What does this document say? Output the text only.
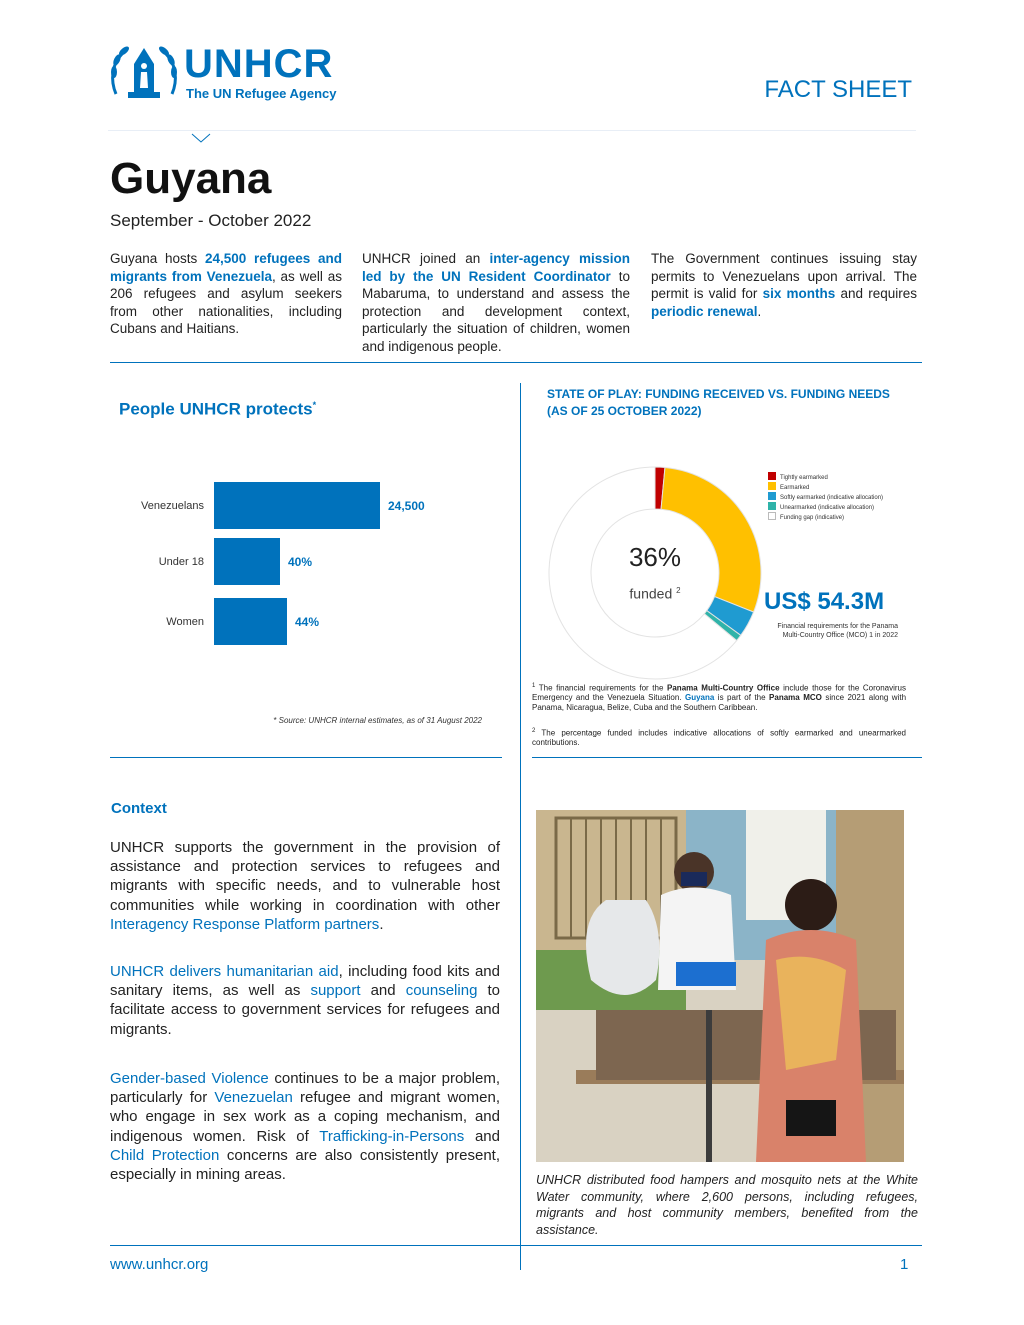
UNHCR
The UN Refugee Agency	FACT SHEET
Guyana
September - October 2022
Guyana hosts 24,500 refugees and migrants from Venezuela, as well as 206 refugees and asylum seekers from other nationalities, including Cubans and Haitians.
UNHCR joined an inter-agency mission led by the UN Resident Coordinator to Mabaruma, to understand and assess the protection and development context, particularly the situation of children, women and indigenous people.
The Government continues issuing stay permits to Venezuelans upon arrival. The permit is valid for six months and requires periodic renewal.
People UNHCR protects*
Venezuelans	24,500
Under 18	40%
Women	44%
* Source: UNHCR internal estimates, as of 31 August 2022
STATE OF PLAY: FUNDING RECEIVED VS. FUNDING NEEDS (AS OF 25 OCTOBER 2022)
36%
funded $^2$
Tightly earmarked
Earmarked
Softly earmarked (indicative allocation)
Unearmarked (indicative allocation)
Funding gap (indicative)
US$ 54.3M
Financial requirements for the Panama Multi-Country Office (MCO) 1 in 2022
$^1$ The financial requirements for the Panama Multi-Country Office include those for the Coronavirus Emergency and the Venezuela Situation. Guyana is part of the Panama MCO since 2021 along with Panama, Nicaragua, Belize, Cuba and the Southern Caribbean.
$^2$ The percentage funded includes indicative allocations of softly earmarked and unearmarked contributions.
Context
UNHCR supports the government in the provision of assistance and protection services to refugees and migrants with specific needs, and to vulnerable host communities while working in coordination with other Interagency Response Platform partners.
UNHCR delivers humanitarian aid, including food kits and sanitary items, as well as support and counseling to facilitate access to government services for refugees and migrants.
Gender-based Violence continues to be a major problem, particularly for Venezuelan refugee and migrant women, who engage in sex work as a coping mechanism, and indigenous women. Risk of Trafficking-in-Persons and Child Protection concerns are also consistently present, especially in mining areas.	UNHCR distributed food hampers and mosquito nets at the White Water community, where 2,600 persons, including refugees, migrants and host community members, benefited from the assistance.
www.unhcr.org	1
